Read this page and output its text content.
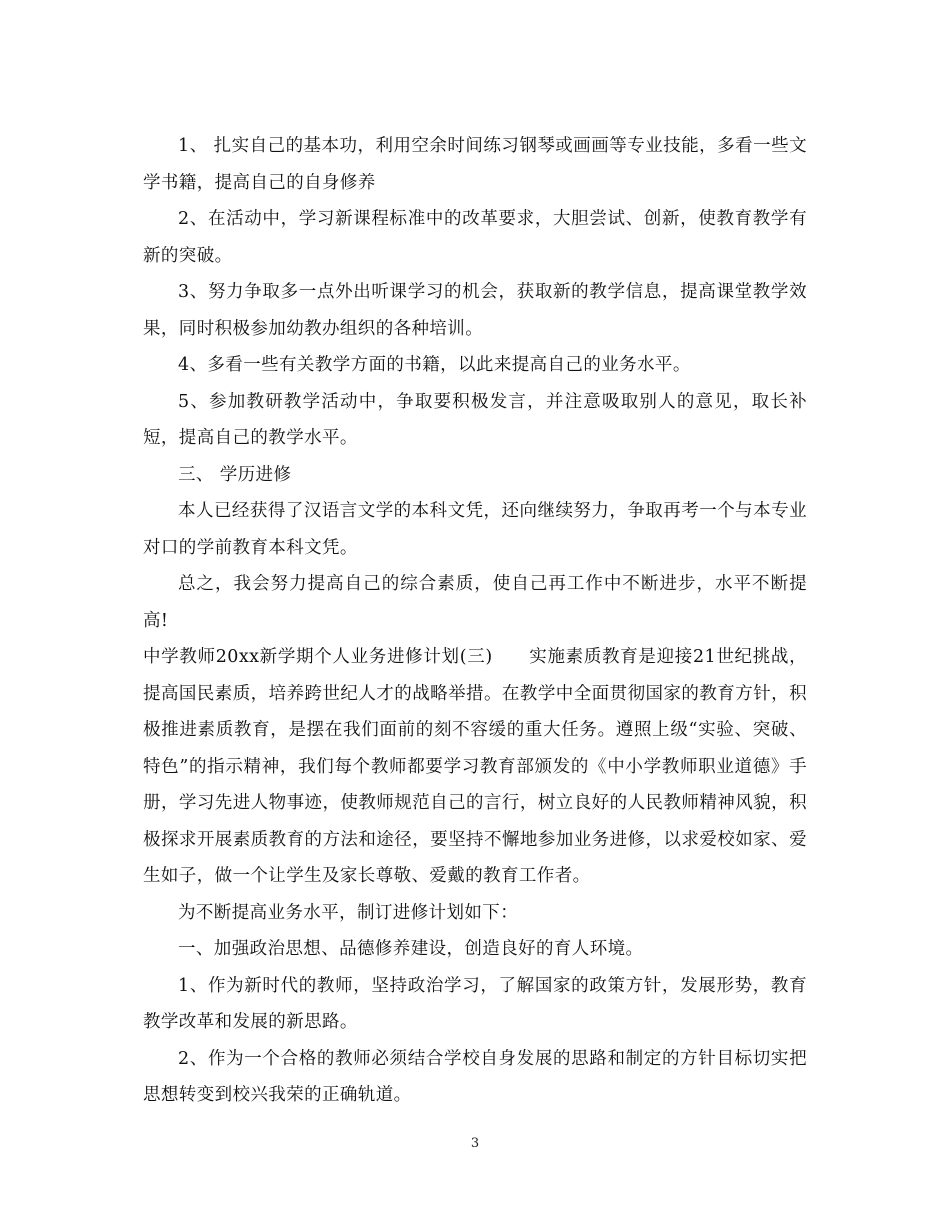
1、 扎实自己的基本功，利用空余时间练习钢琴或画画等专业技能，多看一些文学书籍，提高自己的自身修养

2、在活动中，学习新课程标准中的改革要求，大胆尝试、创新，使教育教学有新的突破。

3、努力争取多一点外出听课学习的机会，获取新的教学信息，提高课堂教学效果，同时积极参加幼教办组织的各种培训。

4、多看一些有关教学方面的书籍，以此来提高自己的业务水平。

5、参加教研教学活动中，争取要积极发言，并注意吸取别人的意见，取长补短，提高自己的教学水平。

三、 学历进修

本人已经获得了汉语言文学的本科文凭，还向继续努力，争取再考一个与本专业对口的学前教育本科文凭。

总之，我会努力提高自己的综合素质，使自己再工作中不断进步，水平不断提高!

中学教师20xx新学期个人业务进修计划(三)　　实施素质教育是迎接21世纪挑战，提高国民素质，培养跨世纪人才的战略举措。在教学中全面贯彻国家的教育方针，积极推进素质教育，是摆在我们面前的刻不容缓的重大任务。遵照上级“实验、突破、特色”的指示精神，我们每个教师都要学习教育部颁发的《中小学教师职业道德》手册，学习先进人物事迹，使教师规范自己的言行，树立良好的人民教师精神风貌，积极探求开展素质教育的方法和途径，要坚持不懈地参加业务进修，以求爱校如家、爱生如子，做一个让学生及家长尊敬、爱戴的教育工作者。

为不断提高业务水平，制订进修计划如下：

一、加强政治思想、品德修养建设，创造良好的育人环境。

1、作为新时代的教师，坚持政治学习，了解国家的政策方针，发展形势，教育教学改革和发展的新思路。

2、作为一个合格的教师必须结合学校自身发展的思路和制定的方针目标切实把思想转变到校兴我荣的正确轨道。

3
